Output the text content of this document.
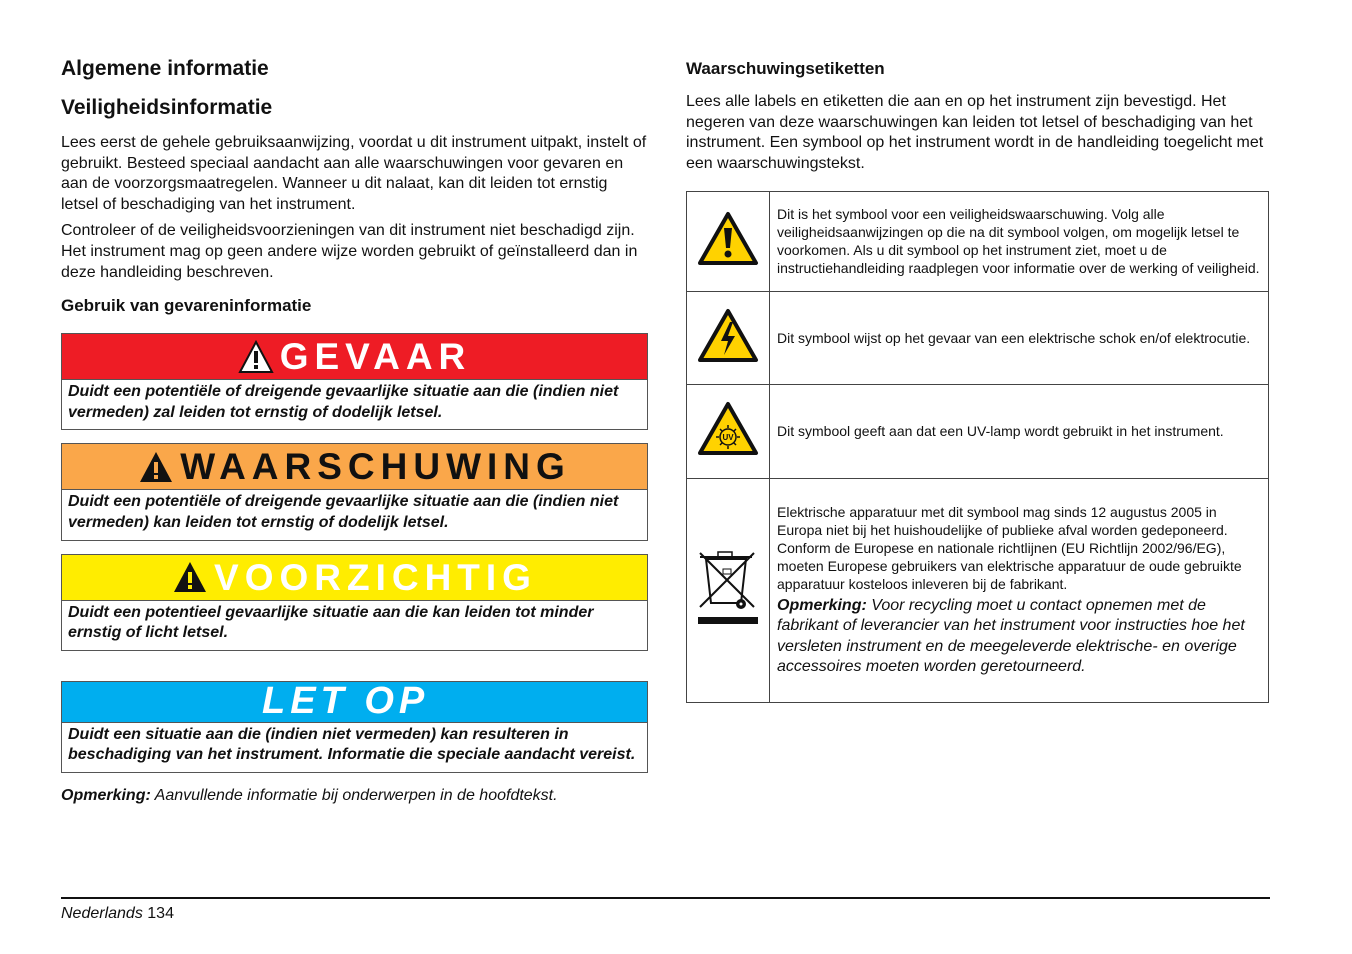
Algemene informatie
Veiligheidsinformatie

Lees eerst de gehele gebruiksaanwijzing, voordat u dit instrument uitpakt, instelt of gebruikt. Besteed speciaal aandacht aan alle waarschuwingen voor gevaren en aan de voorzorgsmaatregelen. Wanneer u dit nalaat, kan dit leiden tot ernstig letsel of beschadiging van het instrument.

Controleer of de veiligheidsvoorzieningen van dit instrument niet beschadigd zijn. Het instrument mag op geen andere wijze worden gebruikt of geïnstalleerd dan in deze handleiding beschreven.

Gebruik van gevareninformatie
GEVAAR
Duidt een potentiële of dreigende gevaarlijke situatie aan die (indien niet vermeden) zal leiden tot ernstig of dodelijk letsel.
WAARSCHUWING
Duidt een potentiële of dreigende gevaarlijke situatie aan die (indien niet vermeden) kan leiden tot ernstig of dodelijk letsel.
VOORZICHTIG
Duidt een potentieel gevaarlijke situatie aan die kan leiden tot minder ernstig of licht letsel.
LET OP
Duidt een situatie aan die (indien niet vermeden) kan resulteren in beschadiging van het instrument. Informatie die speciale aandacht vereist.

Opmerking: Aanvullende informatie bij onderwerpen in de hoofdtekst.

Waarschuwingsetiketten

Lees alle labels en etiketten die aan en op het instrument zijn bevestigd. Het negeren van deze waarschuwingen kan leiden tot letsel of beschadiging van het instrument. Een symbool op het instrument wordt in de handleiding toegelicht met een waarschuwingstekst.

	Dit is het symbool voor een veiligheidswaarschuwing. Volg alle veiligheidsaanwijzingen op die na dit symbool volgen, om mogelijk letsel te voorkomen. Als u dit symbool op het instrument ziet, moet u de instructiehandleiding raadplegen voor informatie over de werking of veiligheid.
	Dit symbool wijst op het gevaar van een elektrische schok en/of elektrocutie.

UV	Dit symbool geeft aan dat een UV-lamp wordt gebruikt in het instrument.

Elektrische apparatuur met dit symbool mag sinds 12 augustus 2005 in Europa niet bij het huishoudelijke of publieke afval worden gedeponeerd. Conform de Europese en nationale richtlijnen (EU Richtlijn 2002/96/EG), moeten Europese gebruikers van elektrische apparatuur de oude gebruikte apparatuur kosteloos inleveren bij de fabrikant.
Opmerking: Voor recycling moet u contact opnemen met de fabrikant of leverancier van het instrument voor instructies hoe het versleten instrument en de meegeleverde elektrische- en overige accessoires moeten worden geretourneerd.
Nederlands 134
